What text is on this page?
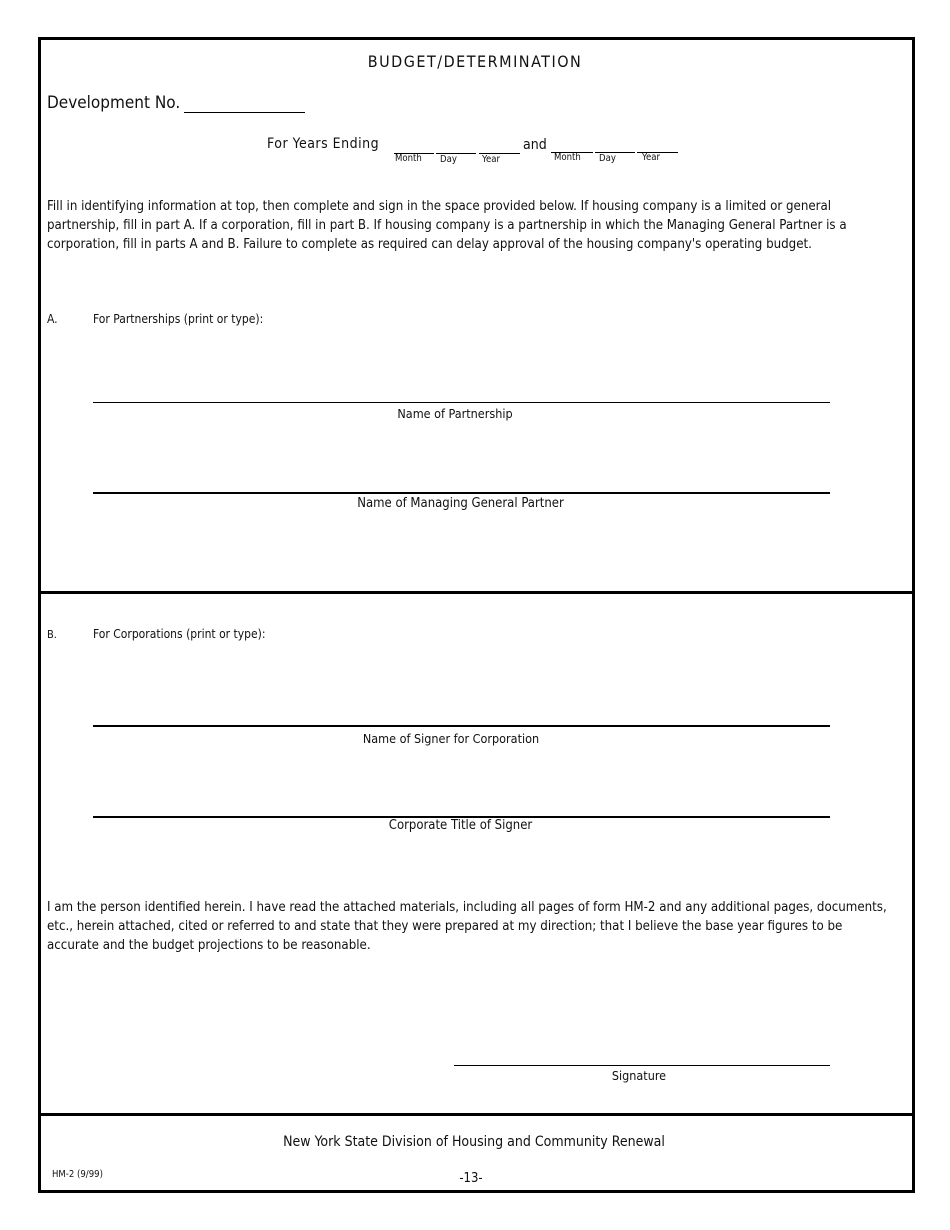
BUDGET/DETERMINATION
Development No.
For Years Ending
Month Day	Year
and
Month Day	Year
Fill in identifying information at top, then complete and sign in the space provided below. If housing company is a limited or general partnership, fill in part A. If a corporation, fill in part B. If housing company is a partnership in which the Managing General Partner is a corporation, fill in parts A and B. Failure to complete as required can delay approval of the housing company's operating budget.
A.	For Partnerships (print or type):
Name of Partnership
Name of Managing General Partner
B.	For Corporations (print or type):
Name of Signer for Corporation
Corporate Title of Signer
I am the person identified herein. I have read the attached materials, including all pages of form HM-2 and any additional pages, documents, etc., herein attached, cited or referred to and state that they were prepared at my direction; that I believe the base year figures to be accurate and the budget projections to be reasonable.
Signature
New York State Division of Housing and Community Renewal
HM-2 (9/99)	-13-
